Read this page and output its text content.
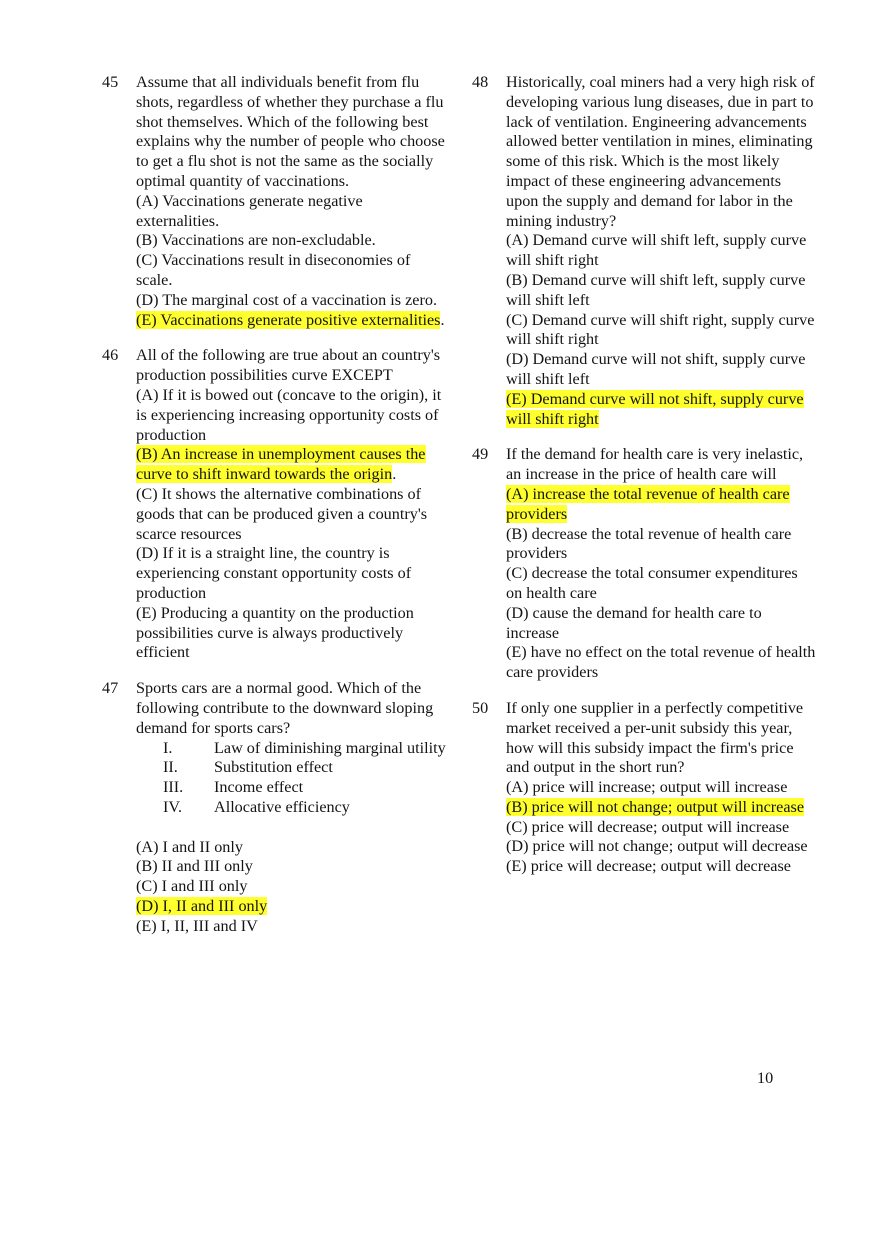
45	Assume that all individuals benefit from flu shots, regardless of whether they purchase a flu shot themselves. Which of the following best explains why the number of people who choose to get a flu shot is not the same as the socially optimal quantity of vaccinations.

(A) Vaccinations generate negative externalities.

(B) Vaccinations are non-excludable.

(C) Vaccinations result in diseconomies of scale.

(D) The marginal cost of a vaccination is zero.

(E) Vaccinations generate positive externalities.

46	All of the following are true about an country's production possibilities curve EXCEPT

(A) If it is bowed out (concave to the origin), it is experiencing increasing opportunity costs of production

(B) An increase in unemployment causes the curve to shift inward towards the origin.

(C) It shows the alternative combinations of goods that can be produced given a country's scarce resources

(D) If it is a straight line, the country is experiencing constant opportunity costs of production

(E) Producing a quantity on the production possibilities curve is always productively efficient

47	Sports cars are a normal good. Which of the following contribute to the downward sloping demand for sports cars?

I.	Law of diminishing marginal utility
II.	Substitution effect
III.	Income effect
IV.	Allocative efficiency

(A) I and II only

(B) II and III only

(C) I and III only

(D) I, II and III only

(E) I, II, III and IV

48	Historically, coal miners had a very high risk of developing various lung diseases, due in part to lack of ventilation. Engineering advancements allowed better ventilation in mines, eliminating some of this risk. Which is the most likely impact of these engineering advancements upon the supply and demand for labor in the mining industry?

(A) Demand curve will shift left, supply curve will shift right

(B) Demand curve will shift left, supply curve will shift left

(C) Demand curve will shift right, supply curve will shift right

(D) Demand curve will not shift, supply curve will shift left

(E) Demand curve will not shift, supply curve will shift right

49	If the demand for health care is very inelastic, an increase in the price of health care will

(A) increase the total revenue of health care providers

(B) decrease the total revenue of health care providers

(C) decrease the total consumer expenditures on health care

(D) cause the demand for health care to increase

(E) have no effect on the total revenue of health care providers

50	If only one supplier in a perfectly competitive market received a per-unit subsidy this year, how will this subsidy impact the firm's price and output in the short run?

(A) price will increase; output will increase

(B) price will not change; output will increase

(C) price will decrease; output will increase

(D) price will not change; output will decrease

(E) price will decrease; output will decrease

10
